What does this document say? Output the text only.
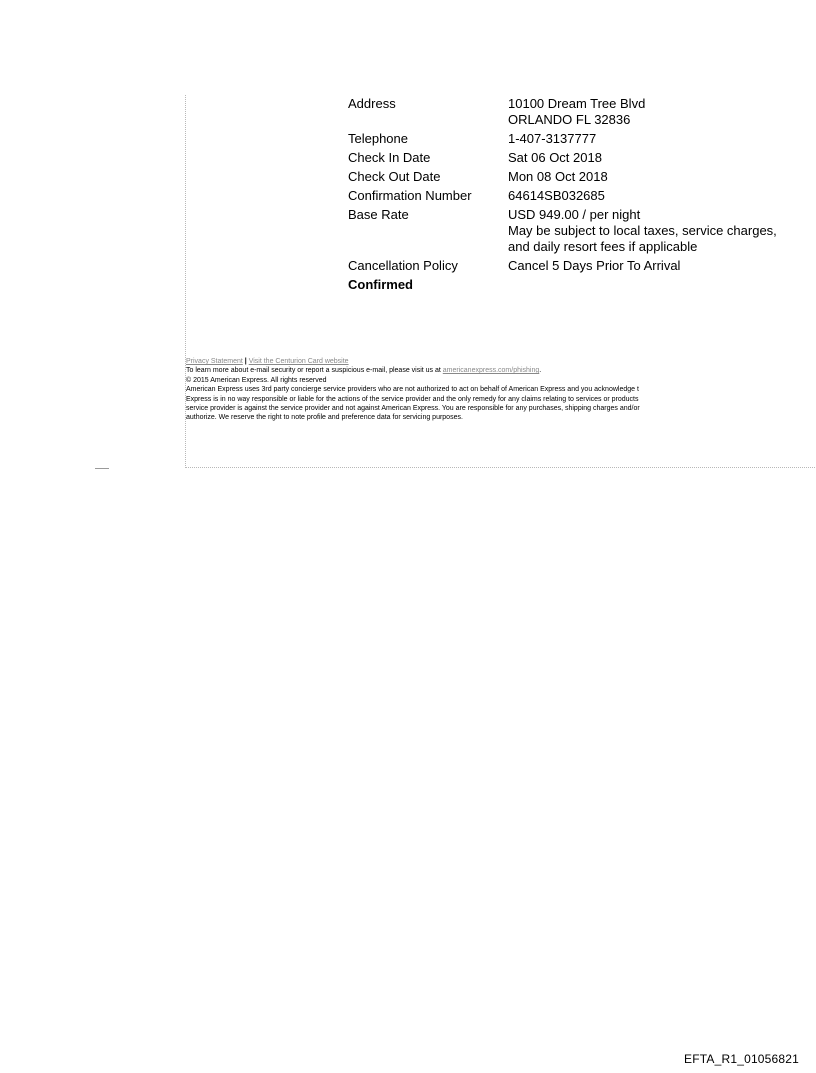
Address	10100 Dream Tree Blvd
ORLANDO FL 32836
Telephone	1-407-3137777
Check In Date	Sat 06 Oct 2018
Check Out Date	Mon 08 Oct 2018
Confirmation Number	64614SB032685
Base Rate	USD 949.00 / per night
May be subject to local taxes, service charges,
and daily resort fees if applicable
Cancellation Policy	Cancel 5 Days Prior To Arrival
Confirmed
Privacy Statement | Visit the Centurion Card website
To learn more about e-mail security or report a suspicious e-mail, please visit us at americanexpress.com/phishing.
© 2015 American Express. All rights reserved
American Express uses 3rd party concierge service providers who are not authorized to act on behalf of American Express and you acknowledge t
Express is in no way responsible or liable for the actions of the service provider and the only remedy for any claims relating to services or products
service provider is against the service provider and not against American Express. You are responsible for any purchases, shipping charges and/or
authorize. We reserve the right to note profile and preference data for servicing purposes.
EFTA_R1_01056821
